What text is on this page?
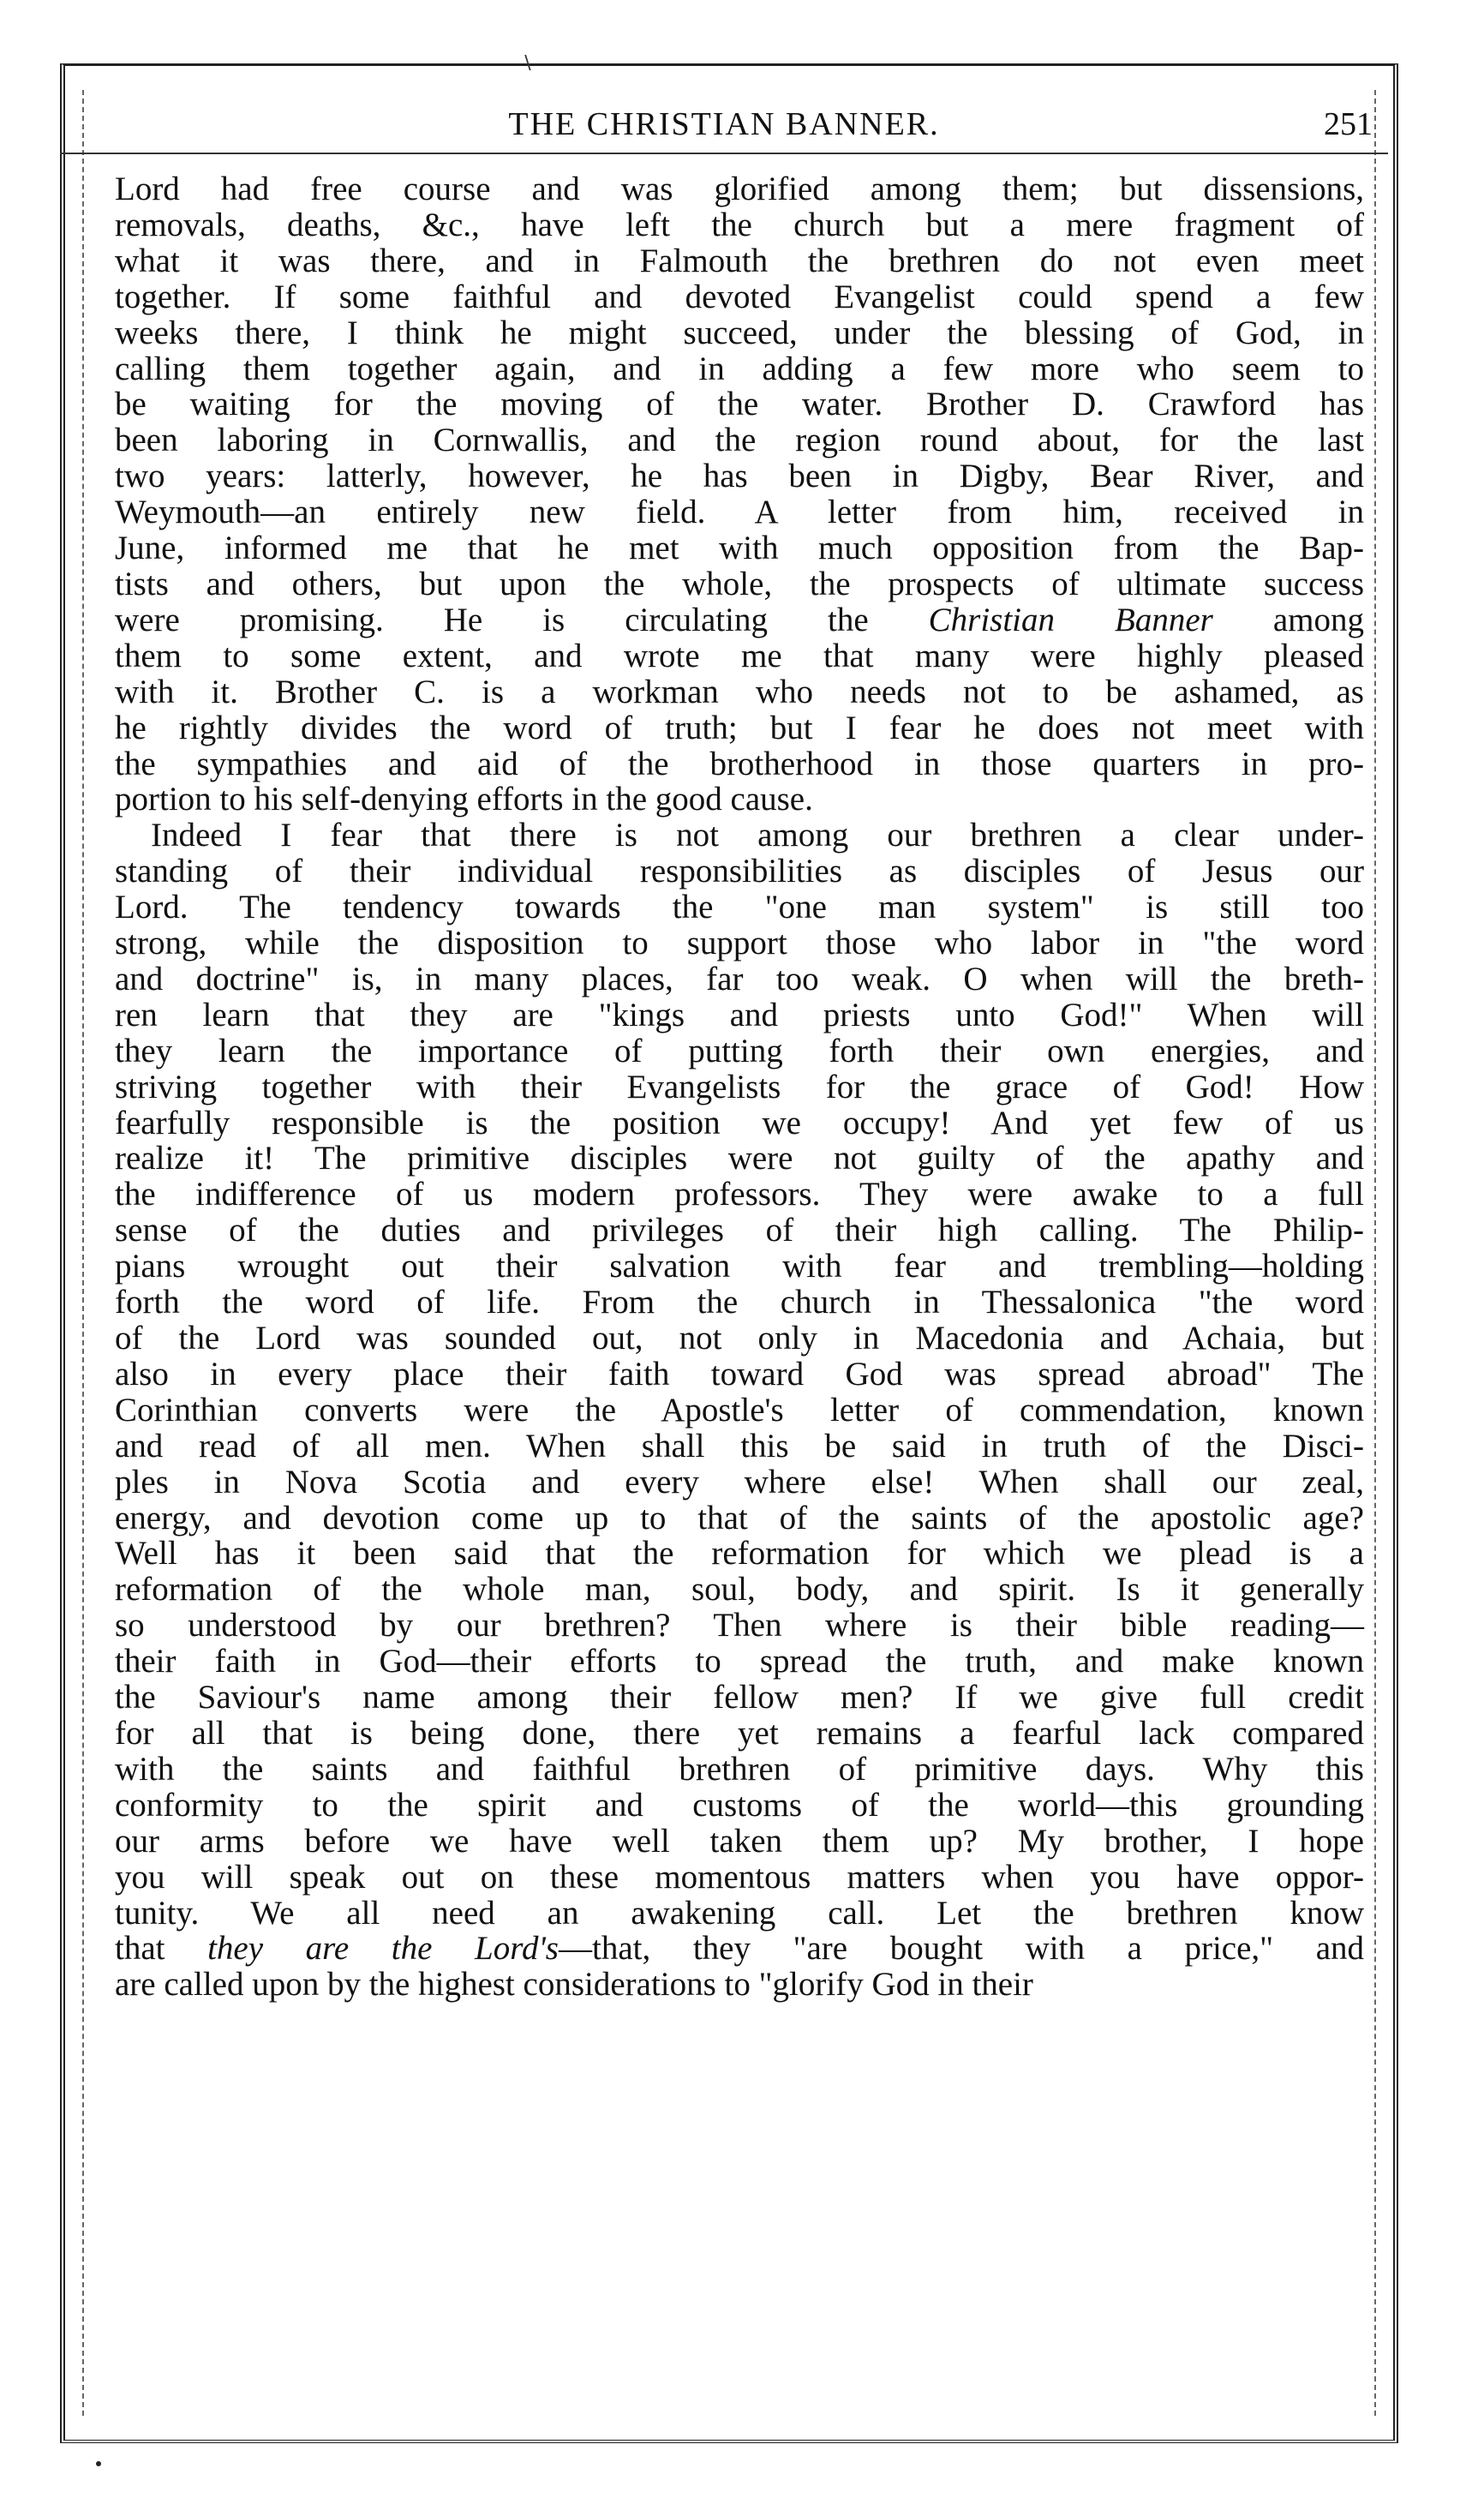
∖
THE CHRISTIAN BANNER.	251
Lord had free course and was glorified among them; but dissensions,
removals, deaths, &c., have left the church but a mere fragment of
what it was there, and in Falmouth the brethren do not even meet
together. If some faithful and devoted Evangelist could spend a few
weeks there, I think he might succeed, under the blessing of God, in
calling them together again, and in adding a few more who seem to
be waiting for the moving of the water. Brother D. Crawford has
been laboring in Cornwallis, and the region round about, for the last
two years: latterly, however, he has been in Digby, Bear River, and
Weymouth—an entirely new field. A letter from him, received in
June, informed me that he met with much opposition from the Bap-
tists and others, but upon the whole, the prospects of ultimate success
were promising. He is circulating the Christian Banner among
them to some extent, and wrote me that many were highly pleased
with it. Brother C. is a workman who needs not to be ashamed, as
he rightly divides the word of truth; but I fear he does not meet with
the sympathies and aid of the brotherhood in those quarters in pro-
portion to his self-denying efforts in the good cause.
Indeed I fear that there is not among our brethren a clear under-
standing of their individual responsibilities as disciples of Jesus our
Lord. The tendency towards the "one man system" is still too
strong, while the disposition to support those who labor in "the word
and doctrine" is, in many places, far too weak. O when will the breth-
ren learn that they are "kings and priests unto God!" When will
they learn the importance of putting forth their own energies, and
striving together with their Evangelists for the grace of God! How
fearfully responsible is the position we occupy! And yet few of us
realize it! The primitive disciples were not guilty of the apathy and
the indifference of us modern professors. They were awake to a full
sense of the duties and privileges of their high calling. The Philip-
pians wrought out their salvation with fear and trembling—holding
forth the word of life. From the church in Thessalonica "the word
of the Lord was sounded out, not only in Macedonia and Achaia, but
also in every place their faith toward God was spread abroad" The
Corinthian converts were the Apostle's letter of commendation, known
and read of all men. When shall this be said in truth of the Disci-
ples in Nova Scotia and every where else! When shall our zeal,
energy, and devotion come up to that of the saints of the apostolic age?
Well has it been said that the reformation for which we plead is a
reformation of the whole man, soul, body, and spirit. Is it generally
so understood by our brethren? Then where is their bible reading—
their faith in God—their efforts to spread the truth, and make known
the Saviour's name among their fellow men? If we give full credit
for all that is being done, there yet remains a fearful lack compared
with the saints and faithful brethren of primitive days. Why this
conformity to the spirit and customs of the world—this grounding
our arms before we have well taken them up? My brother, I hope
you will speak out on these momentous matters when you have oppor-
tunity. We all need an awakening call. Let the brethren know
that they are the Lord's—that, they "are bought with a price," and
are called upon by the highest considerations to "glorify God in their
